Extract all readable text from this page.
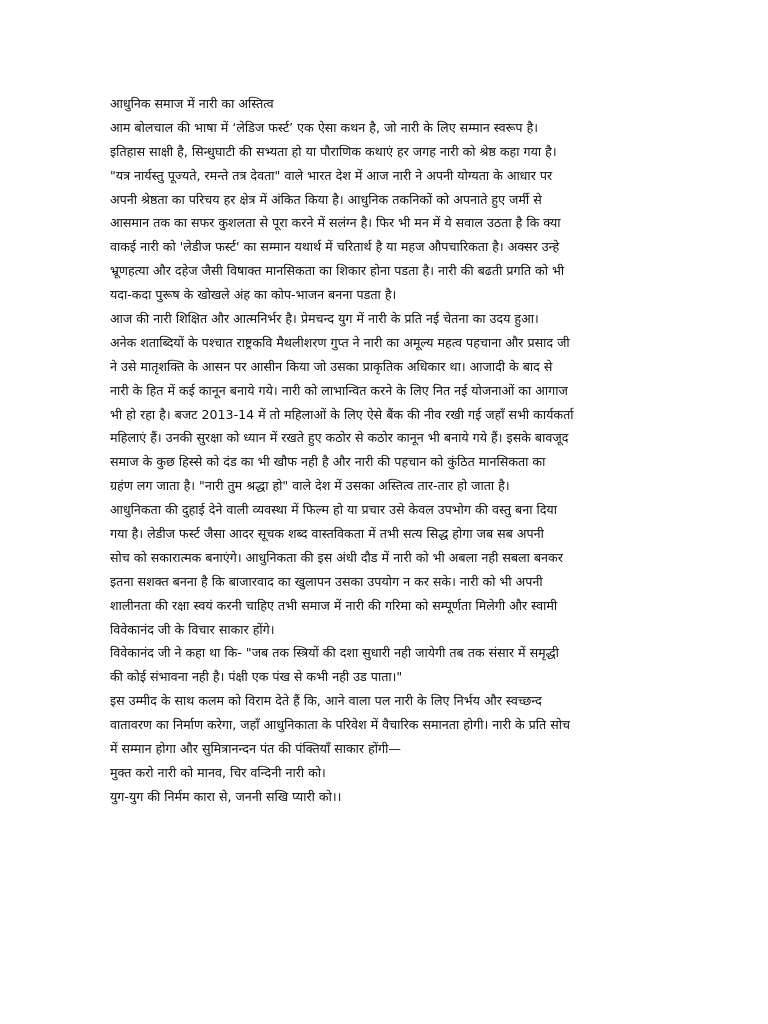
आधुनिक समाज में नारी का अस्तित्व
आम बोलचाल की भाषा में ‘लेडिज फर्स्ट’ एक ऐसा कथन है, जो नारी के लिए सम्मान स्वरूप है।
इतिहास साक्षी है, सिन्धुघाटी की सभ्यता हो या पौराणिक कथाएं हर जगह नारी को श्रेष्ठ कहा गया है।
"यत्र नार्यस्तु पूज्यते, रमन्ते तत्र देवता" वाले भारत देश में आज नारी ने अपनी योग्यता के आधार पर
अपनी श्रेष्ठता का परिचय हर क्षेत्र में अंकित किया है। आधुनिक तकनिकों को अपनाते हुए जर्मी से
आसमान तक का सफर कुशलता से पूरा करने में सलंग्न है। फिर भी मन में ये सवाल उठता है कि क्या
वाकई नारी को 'लेडीज फर्स्ट' का सम्मान यथार्थ में चरितार्थ है या महज औपचारिकता है। अक्सर उन्हे
भ्रूणहत्या और दहेज जैसी विषाक्त मानसिकता का शिकार होना पडता है। नारी की बढती प्रगति को भी
यदा-कदा पुरूष के खोखले अंह का कोप-भाजन बनना पडता है।
आज की नारी शिक्षित और आत्मनिर्भर है। प्रेमचन्द युग में नारी के प्रति नई चेतना का उदय हुआ।
अनेक शताब्दियों के पश्चात राष्ट्रकवि मैथलीशरण गुप्त ने नारी का अमूल्य महत्व पहचाना और प्रसाद जी
ने उसे मातृशक्ति के आसन पर आसीन किया जो उसका प्राकृतिक अधिकार था। आजादी के बाद से
नारी के हित में कई कानून बनाये गये। नारी को लाभान्वित करने के लिए नित नई योजनाओं का आगाज
भी हो रहा है। बजट 2013-14 में तो महिलाओं के लिए ऐसे बैंक की नीव रखी गई जहाँ सभी कार्यकर्ता
महिलाएं हैं। उनकी सुरक्षा को ध्यान में रखते हुए कठोर से कठोर कानून भी बनाये गये हैं। इसके बावजूद
समाज के कुछ हिस्से को दंड का भी खौफ नही है और नारी की पहचान को कुंठित मानसिकता का
ग्रहंण लग जाता है। "नारी तुम श्रद्धा हो" वाले देश में उसका अस्तित्व तार-तार हो जाता है।
आधुनिकता की दुहाई देने वाली व्यवस्था में फिल्म हो या प्रचार उसे केवल उपभोग की वस्तु बना दिया
गया है। लेडीज फर्स्ट जैसा आदर सूचक शब्द वास्तविकता में तभी सत्य सिद्ध होगा जब सब अपनी
सोच को सकारात्मक बनाएंगे। आधुनिकता की इस अंधी दौड में नारी को भी अबला नही सबला बनकर
इतना सशक्त बनना है कि बाजारवाद का खुलापन उसका उपयोग न कर सके। नारी को भी अपनी
शालीनता की रक्षा स्वयं करनी चाहिए तभी समाज में नारी की गरिमा को सम्पूर्णता मिलेगी और स्वामी
विवेकानंद जी के विचार साकार होंगे।
विवेकानंद जी ने कहा था कि- "जब तक स्त्रियों की दशा सुधारी नही जायेगी तब तक संसार में समृद्धी
की कोई संभावना नही है। पंक्षी एक पंख से कभी नही उड पाता।"
इस उम्मीद के साथ कलम को विराम देते हैं कि, आने वाला पल नारी के लिए निर्भय और स्वच्छन्द
वातावरण का निर्माण करेगा, जहाँ आधुनिकाता के परिवेश में वैचारिक समानता होगी। नारी के प्रति सोच
में सम्मान होगा और सुमित्रानन्दन पंत की पंक्तियाँ साकार होंगी—
मुक्त करो नारी को मानव, चिर वन्दिनी नारी को।
युग-युग की निर्मम कारा से, जननी सखि प्यारी को।।
